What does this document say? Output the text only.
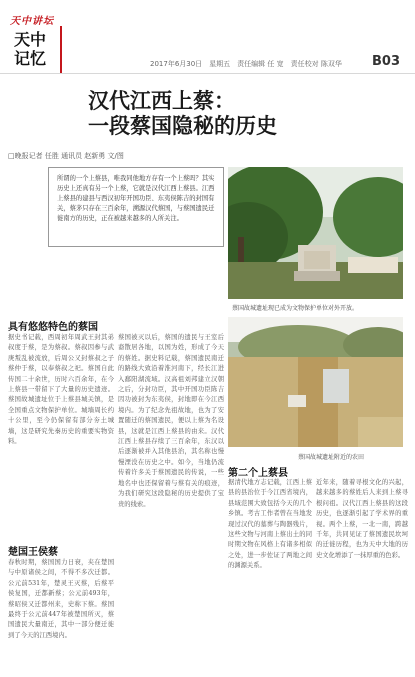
天中讲坛
天中记忆	2017年6月30日 星期五 责任编辑 任 宽 责任校对 陈双华	B03
汉代江西上蔡：
一段蔡国隐秘的历史
□晚报记者 任胜 通讯员 赵新勇 文/图
所谓的一个上蔡县，唯我同他地方存有一个上蔡吗？其实历史上还真有另一个上蔡，它就是汉代江西上蔡县。江西上蔡县的建县与西汉初年开国功臣、东夷侯陈吉的封国有关，蔡茅只存在三百余年，溯源汉代蔡国，与蔡国遗民迁徙南方的历史，正在被越来越多的人所关注。
蔡国故城遗址现已成为文物保护单位对外开放。
蔡国故城遗址附近的农田
具有悠悠特色的蔡国
楚国王侯蔡
第二个上蔡县
据史书记载，西周初年周武王封其弟叔度于蔡，是为蔡叔。蔡叔因参与武庚叛乱被流放，后周公又封蔡叔之子蔡仲于蔡，以奉蔡叔之祀。蔡国自此传国二十余世，历时六百余年，在今上蔡县一带留下了大量的历史遗迹。蔡国故城遗址位于上蔡县城关镇，是全国重点文物保护单位。城墙周长约十公里，至今仍保留有部分夯土城墙，这是研究先秦历史的重要实物资料。
春秋时期，蔡国国力日衰，夹在楚国与中原诸侯之间，不得不多次迁都。公元前531年，楚灵王灭蔡，后蔡平侯复国，迁都新蔡；公元前493年，蔡昭侯又迁都州来，史称下蔡。蔡国最终于公元前447年被楚国所灭，蔡国遗民大量南迁，其中一部分便迁徙到了今天的江西境内。
蔡国被灭以后，蔡国的遗民与王室后裔散居各地，以国为姓，形成了今天的蔡姓。据史料记载，蔡国遗民南迁的路线大致沿着淮河南下，经长江进入鄱阳湖流域。汉高祖刘邦建立汉朝之后，分封功臣，其中开国功臣陈吉因功被封为东夷侯，封地即在今江西境内。为了纪念先祖故地，也为了安置随迁的蔡国遗民，便以上蔡为名设县，这就是江西上蔡县的由来。汉代江西上蔡县存续了三百余年，东汉以后逐渐被并入其他县治，其名称也慢慢湮没在历史之中。如今，当地仍流传着许多关于蔡国遗民的传说，一些地名中也还保留着与蔡有关的痕迹，为我们研究这段隐秘的历史提供了宝贵的线索。
据清代地方志记载，江西上蔡县的县治位于今江西省境内，县域范围大致包括今天的几个乡镇。考古工作者曾在当地发现过汉代的墓葬与陶器残片，这些文物与河南上蔡出土的同时期文物在风格上有诸多相似之处，进一步佐证了两地之间的渊源关系。
近年来，随着寻根文化的兴起，越来越多的蔡姓后人来到上蔡寻根问祖。汉代江西上蔡县的这段历史，也逐渐引起了学术界的重视。两个上蔡，一北一南，跨越千年，共同见证了蔡国遗民坎坷的迁徙历程，也为天中大地的历史文化增添了一抹厚重的色彩。
